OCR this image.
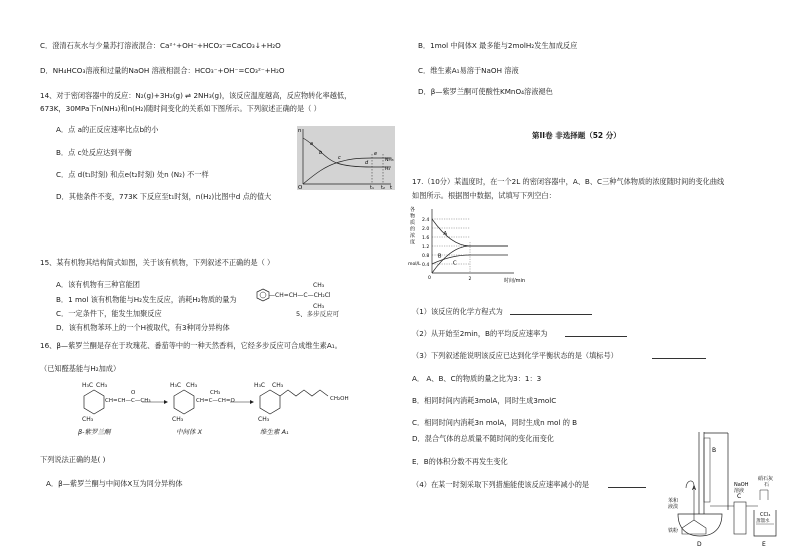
C．澄清石灰水与少量苏打溶液混合：Ca²⁺+OH⁻+HCO₃⁻=CaCO₃↓+H₂O
D．NH₄HCO₃溶液和过量的NaOH 溶液相混合：HCO₃⁻+OH⁻=CO₃²⁻+H₂O
14、对于密闭容器中的反应：N₂(g)+3H₂(g) ⇌ 2NH₃(g)，该反应温度越高，反应物转化率越低，
673K，30MPa下n(NH₃)和n(H₂)随时间变化的关系如下图所示。下列叙述正确的是（ ）
A．点 a的正反应速率比点b的小
B．点 c处反应达到平衡
C．点 d(t₁时刻) 和点e(t₂时刻) 处n (N₂) 不一样
D．其他条件不变，773K 下反应至t₁时刻，n(H₂)比图中d 点的值大
n
t
O	t₁ t₂
a
b
c
d
e
NH₃
H₂
15、某有机物其结构简式如图，关于该有机物，下列叙述不正确的是（ ）
A．该有机物有三种官能团
B．1 mol 该有机物能与H₂发生反应，消耗H₂物质的量为
C．一定条件下，能发生加聚反应
D．该有机物苯环上的一个H被取代，有3种同分异构体
CH₃
—CH=CH—C—CH₂Cl
CH₃
5、多步反应可
16、β—紫罗兰酮是存在于玫瑰花、番茄等中的一种天然香料，它经多步反应可合成维生素A₁。
（已知醛基能与H₂加成）
H₃C CH₃
CH=CH—C—CH₃
O
CH₃
H₃C CH₃
CH=C—CH=O
CH₃
CH₃
H₃C CH₃
CH₂OH
CH₃
β-紫罗兰酮	中间体 X	维生素 A₁
下列说法正确的是( )
A．β—紫罗兰酮与中间体X互为同分异构体
B．1mol 中间体X 最多能与2molH₂发生加成反应
C．维生素A₁易溶于NaOH 溶液
D．β—紫罗兰酮可使酸性KMnO₄溶液褪色
第II卷 非选择题（52 分）
17.（10分）某温度时，在一个2L 的密闭容器中，A、B、C三种气体物质的浓度随时间的变化曲线
如图所示。根据图中数据，试填写下列空白：
各
物
质
的
浓
度
mol/L
时间/min
2.4
2.0
1.6
1.2
0.8
0.4
0	2
A
B
C
（1）该反应的化学方程式为
（2）从开始至2min，B的平均反应速率为
（3）下列叙述能说明该反应已达到化学平衡状态的是（填标号）
A． A、B、C的物质的量之比为3：1：3
B．相同时间内消耗3molA，同时生成3molC
C．相同时间内消耗3n molA，同时生成n mol 的 B
D．混合气体的总质量不随时间的变化而变化
E．B的体积分数不再发生变化
（4）在某一时刻采取下列措施能使该反应速率减小的是
B
A
C
D	E
苯和
液溴
NaOH
溶液
铁粉
CCl₄
蒸馏水
硝石灰
石
